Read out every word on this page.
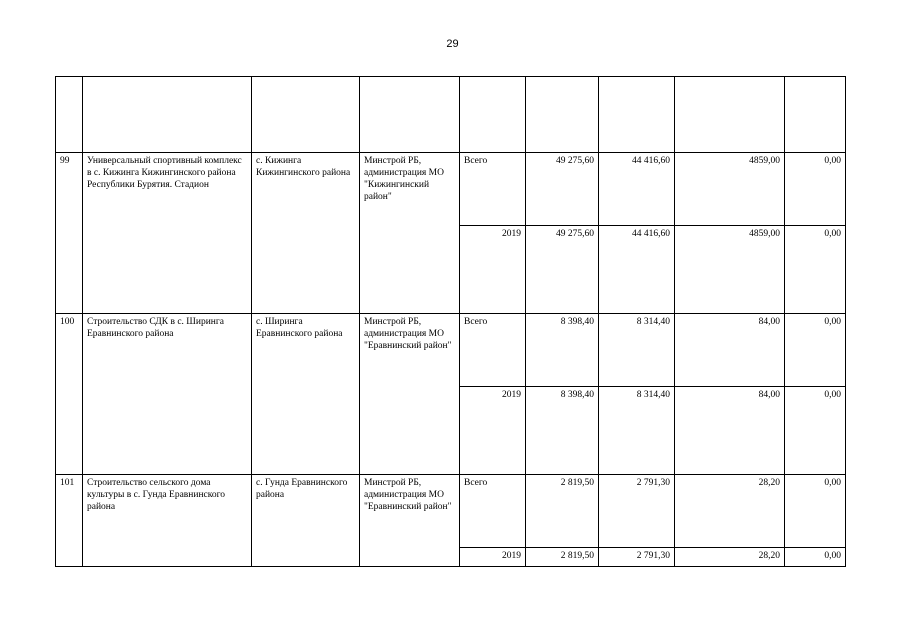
29

99	Универсальный спортивный комплекс в с. Кижинга Кижингинского района Республики Бурятия. Стадион	с. Кижинга Кижингинского района	Минстрой РБ, администрация МО "Кижингинский район"	Всего	49 275,60	44 416,60	4859,00	0,00
				2019	49 275,60	44 416,60	4859,00	0,00
100	Строительство СДК в с. Ширинга Еравнинского района	с. Ширинга Еравнинского района	Минстрой РБ, администрация МО "Еравнинский район"	Всего	8 398,40	8 314,40	84,00	0,00
				2019	8 398,40	8 314,40	84,00	0,00
101	Строительство сельского дома культуры в с. Гунда Еравнинского района	с. Гунда Еравнинского района	Минстрой РБ, администрация МО "Еравнинский район"	Всего	2 819,50	2 791,30	28,20	0,00
				2019	2 819,50	2 791,30	28,20	0,00
